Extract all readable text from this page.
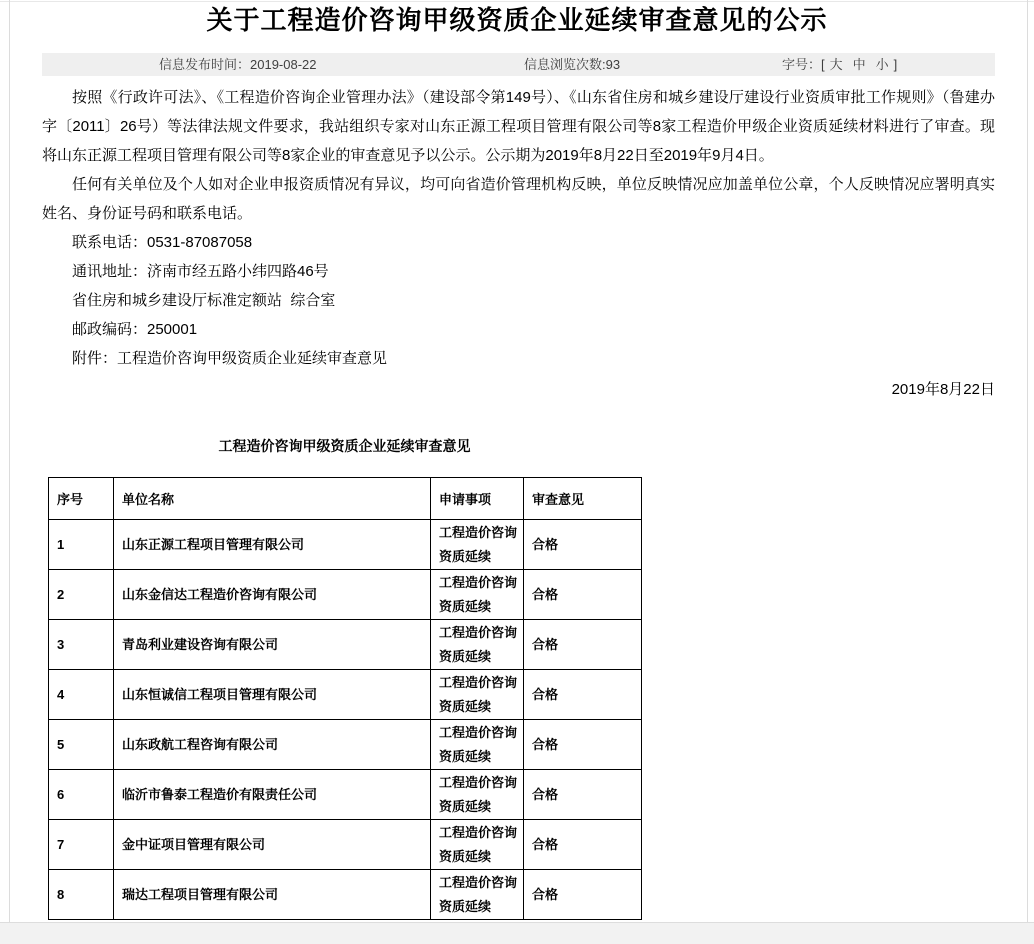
关于工程造价咨询甲级资质企业延续审查意见的公示
信息发布时间：2019-08-22	信息浏览次数:93	字号：[ 大 中 小 ]

按照《行政许可法》、《工程造价咨询企业管理办法》（建设部令第149号）、《山东省住房和城乡建设厅建设行业资质审批工作规则》（鲁建办字〔2011〕26号）等法律法规文件要求，我站组织专家对山东正源工程项目管理有限公司等8家工程造价甲级企业资质延续材料进行了审查。现将山东正源工程项目管理有限公司等8家企业的审查意见予以公示。公示期为2019年8月22日至2019年9月4日。

任何有关单位及个人如对企业申报资质情况有异议，均可向省造价管理机构反映，单位反映情况应加盖单位公章，个人反映情况应署明真实姓名、身份证号码和联系电话。

联系电话：0531-87087058

通讯地址：济南市经五路小纬四路46号

省住房和城乡建设厅标准定额站  综合室

邮政编码：250001

附件：工程造价咨询甲级资质企业延续审查意见

2019年8月22日

工程造价咨询甲级资质企业延续审查意见
序号	单位名称	申请事项	审查意见
1	山东正源工程项目管理有限公司	工程造价咨询资质延续	合格
2	山东金信达工程造价咨询有限公司	工程造价咨询资质延续	合格
3	青岛利业建设咨询有限公司	工程造价咨询资质延续	合格
4	山东恒诚信工程项目管理有限公司	工程造价咨询资质延续	合格
5	山东政航工程咨询有限公司	工程造价咨询资质延续	合格
6	临沂市鲁泰工程造价有限责任公司	工程造价咨询资质延续	合格
7	金中证项目管理有限公司	工程造价咨询资质延续	合格
8	瑞达工程项目管理有限公司	工程造价咨询资质延续	合格
